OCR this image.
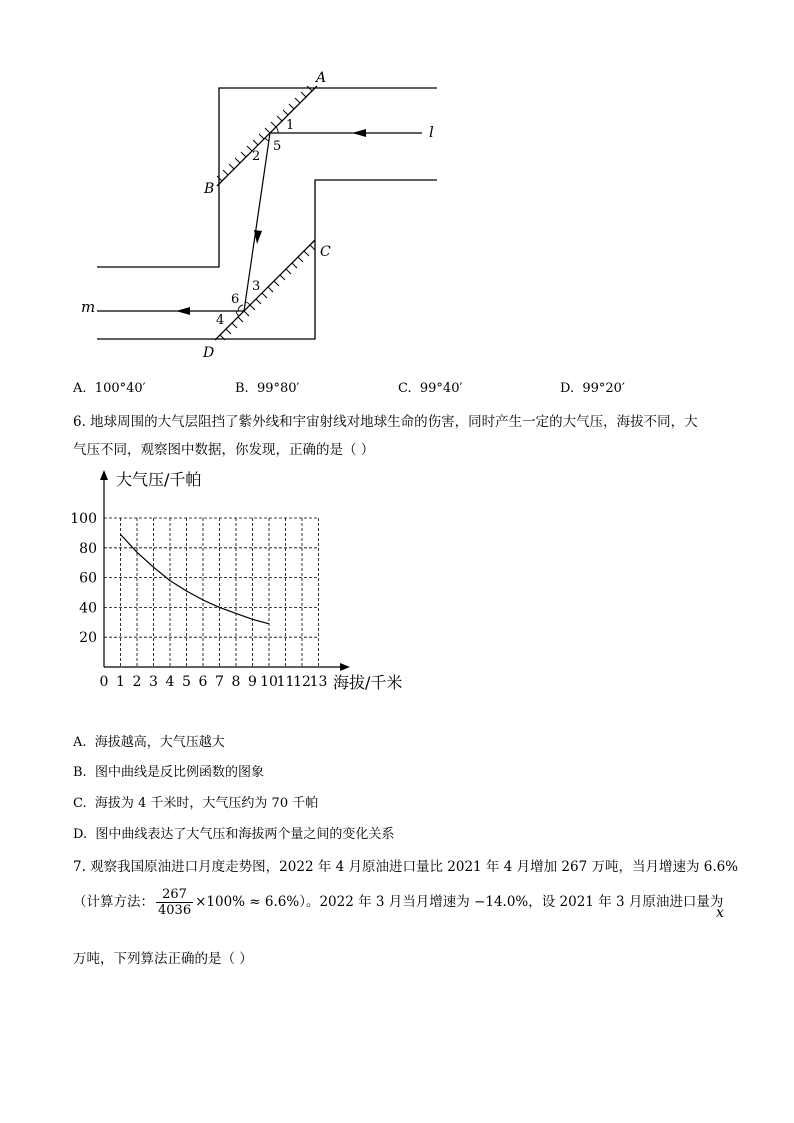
A
B
C
D
l
m
1
2
5
3
6
4
A. 100°40′	B. 99°80′	C. 99°40′	D. 99°20′
6. 地球周围的大气层阻挡了紫外线和宇宙射线对地球生命的伤害，同时产生一定的大气压，海拔不同，大
气压不同，观察图中数据，你发现，正确的是（ ）
20
40
60
80
100
0 1 2 3 4 5 6 7 8 9 10
11
12
13
大气压/千帕
海拔/千米
A. 海拔越高，大气压越大
B. 图中曲线是反比例函数的图象
C. 海拔为 4 千米时，大气压约为 70 千帕
D. 图中曲线表达了大气压和海拔两个量之间的变化关系
7. 观察我国原油进口月度走势图，2022 年 4 月原油进口量比 2021 年 4 月增加 267 万吨，当月增速为 6.6%
（计算方法： $\frac{267}{4036} \times 100\% \approx 6.6\%$）。2022 年 3 月当月增速为 −14.0%，设 2021 年 3 月原油进口量为
x
万吨，下列算法正确的是（ ）
